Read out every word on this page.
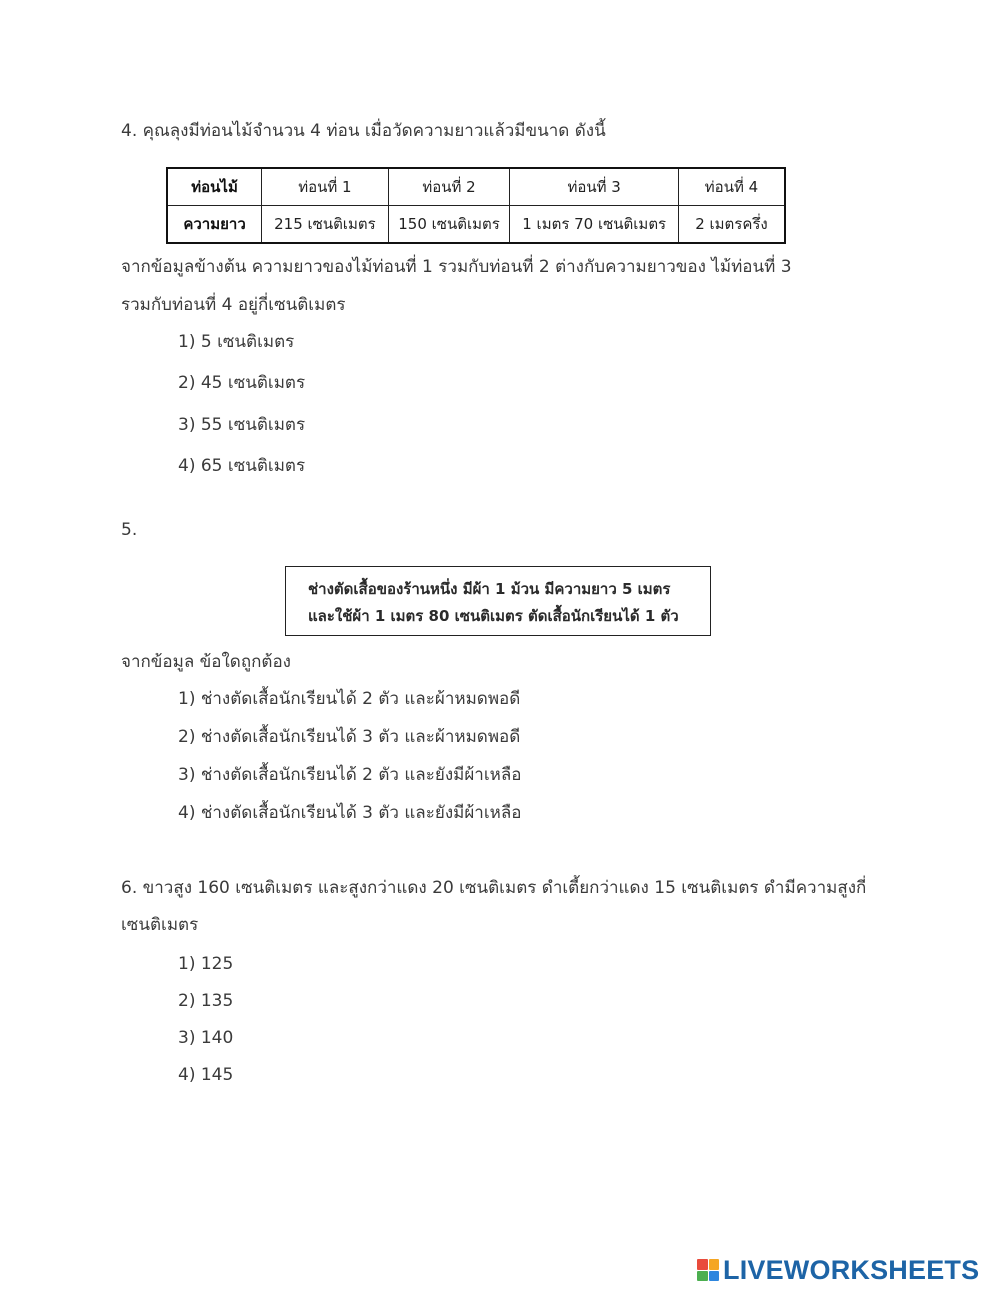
4. คุณลุงมีท่อนไม้จำนวน 4 ท่อน เมื่อวัดความยาวแล้วมีขนาด ดังนี้
ท่อนไม้	ท่อนที่ 1	ท่อนที่ 2	ท่อนที่ 3	ท่อนที่ 4
ความยาว	215 เซนติเมตร	150 เซนติเมตร	1 เมตร 70 เซนติเมตร	2 เมตรครึ่ง
จากข้อมูลข้างต้น ความยาวของไม้ท่อนที่ 1 รวมกับท่อนที่ 2 ต่างกับความยาวของ ไม้ท่อนที่ 3
รวมกับท่อนที่ 4 อยู่กี่เซนติเมตร
1) 5 เซนติเมตร
2) 45 เซนติเมตร
3) 55 เซนติเมตร
4) 65 เซนติเมตร
5.
ช่างตัดเสื้อของร้านหนึ่ง มีผ้า 1 ม้วน มีความยาว 5 เมตร
และใช้ผ้า 1 เมตร 80 เซนติเมตร ตัดเสื้อนักเรียนได้ 1 ตัว
จากข้อมูล ข้อใดถูกต้อง
1) ช่างตัดเสื้อนักเรียนได้ 2 ตัว และผ้าหมดพอดี
2) ช่างตัดเสื้อนักเรียนได้ 3 ตัว และผ้าหมดพอดี
3) ช่างตัดเสื้อนักเรียนได้ 2 ตัว และยังมีผ้าเหลือ
4) ช่างตัดเสื้อนักเรียนได้ 3 ตัว และยังมีผ้าเหลือ
6. ขาวสูง 160 เซนติเมตร และสูงกว่าแดง 20 เซนติเมตร ดำเตี้ยกว่าแดง 15 เซนติเมตร ดำมีความสูงกี่
เซนติเมตร
1) 125
2) 135
3) 140
4) 145
LIVEWORKSHEETS
